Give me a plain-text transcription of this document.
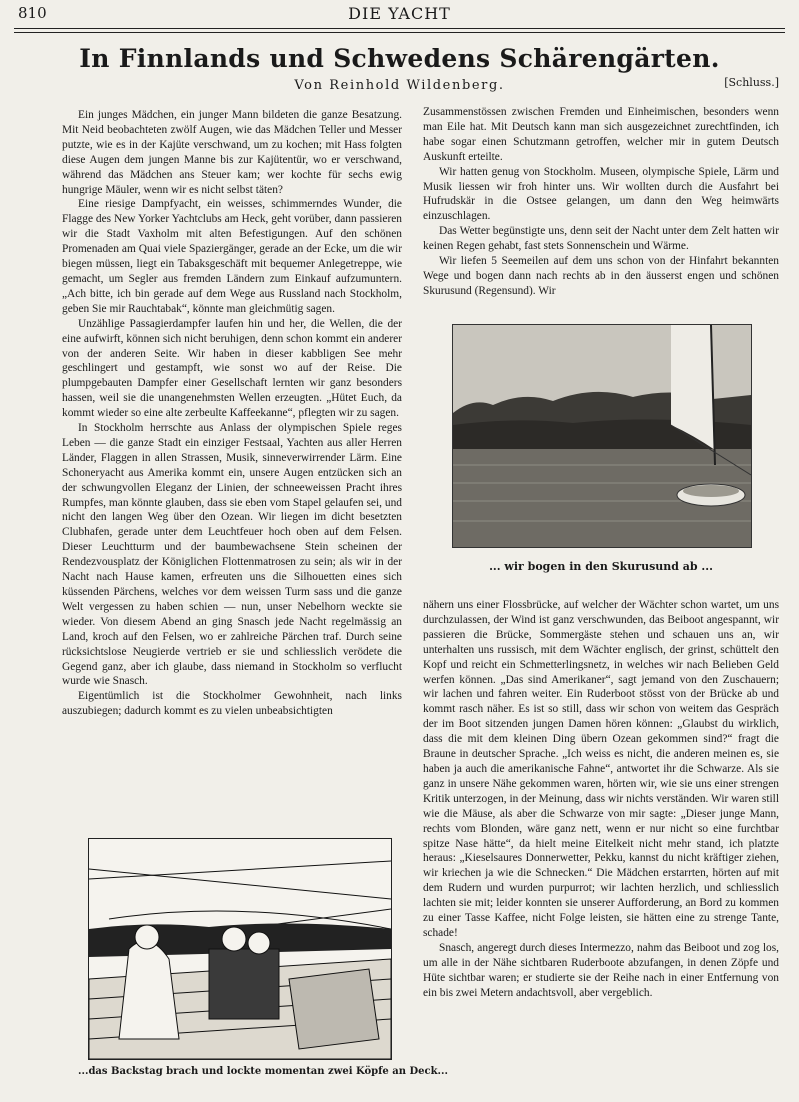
810	DIE YACHT
In Finnlands und Schwedens Schärengärten.
Von Reinhold Wildenberg.	[Schluss.]

Ein junges Mädchen, ein junger Mann bildeten die ganze Besatzung. Mit Neid beobachteten zwölf Augen, wie das Mädchen Teller und Messer putzte, wie es in der Kajüte verschwand, um zu kochen; mit Hass folgten diese Augen dem jungen Manne bis zur Kajütentür, wo er verschwand, während das Mädchen ans Steuer kam; wer kochte für sechs ewig hungrige Mäuler, wenn wir es nicht selbst täten?

Eine riesige Dampfyacht, ein weisses, schimmerndes Wunder, die Flagge des New Yorker Yachtclubs am Heck, geht vorüber, dann passieren wir die Stadt Vaxholm mit alten Befestigungen. Auf den schönen Promenaden am Quai viele Spaziergänger, gerade an der Ecke, um die wir biegen müssen, liegt ein Tabaksgeschäft mit bequemer Anlegetreppe, wie gemacht, um Segler aus fremden Ländern zum Einkauf aufzumuntern. „Ach bitte, ich bin gerade auf dem Wege aus Russland nach Stockholm, geben Sie mir Rauchtabak“, könnte man gleichmütig sagen.

Unzählige Passagierdampfer laufen hin und her, die Wellen, die der eine aufwirft, können sich nicht beruhigen, denn schon kommt ein anderer von der anderen Seite. Wir haben in dieser kabbligen See mehr geschlingert und gestampft, wie sonst wo auf der Reise. Die plumpgebauten Dampfer einer Gesellschaft lernten wir ganz besonders hassen, weil sie die unangenehmsten Wellen erzeugten. „Hütet Euch, da kommt wieder so eine alte zerbeulte Kaffeekanne“, pflegten wir zu sagen.

In Stockholm herrschte aus Anlass der olympischen Spiele reges Leben — die ganze Stadt ein einziger Festsaal, Yachten aus aller Herren Länder, Flaggen in allen Strassen, Musik, sinneverwirrender Lärm. Eine Schoneryacht aus Amerika kommt ein, unsere Augen entzücken sich an der schwungvollen Eleganz der Linien, der schneeweissen Pracht ihres Rumpfes, man könnte glauben, dass sie eben vom Stapel gelaufen sei, und nicht den langen Weg über den Ozean. Wir liegen im dicht besetzten Clubhafen, gerade unter dem Leuchtfeuer hoch oben auf dem Felsen. Dieser Leuchtturm und der baumbewachsene Stein scheinen der Rendezvousplatz der Königlichen Flottenmatrosen zu sein; als wir in der Nacht nach Hause kamen, erfreuten uns die Silhouetten eines sich küssenden Pärchens, welches vor dem weissen Turm sass und die ganze Welt vergessen zu haben schien — nun, unser Nebelhorn weckte sie wieder. Von diesem Abend an ging Snasch jede Nacht regelmässig an Land, kroch auf den Felsen, wo er zahlreiche Pärchen traf. Durch seine rücksichtslose Neugierde vertrieb er sie und schliesslich verödete die Gegend ganz, aber ich glaube, dass niemand in Stockholm so verflucht wurde wie Snasch.

Eigentümlich ist die Stockholmer Gewohnheit, nach links auszubiegen; dadurch kommt es zu vielen unbeabsichtigten

Zusammenstössen zwischen Fremden und Einheimischen, besonders wenn man Eile hat. Mit Deutsch kann man sich ausgezeichnet zurechtfinden, ich habe sogar einen Schutzmann getroffen, welcher mir in gutem Deutsch Auskunft erteilte.

Wir hatten genug von Stockholm. Museen, olympische Spiele, Lärm und Musik liessen wir froh hinter uns. Wir wollten durch die Ausfahrt bei Hufrudskär in die Ostsee gelangen, um dann den Weg heimwärts einzuschlagen.

Das Wetter begünstigte uns, denn seit der Nacht unter dem Zelt hatten wir keinen Regen gehabt, fast stets Sonnenschein und Wärme.

Wir liefen 5 Seemeilen auf dem uns schon von der Hinfahrt bekannten Wege und bogen dann nach rechts ab in den äusserst engen und schönen Skurusund (Regensund). Wir

... wir bogen in den Skurusund ab ...

nähern uns einer Flossbrücke, auf welcher der Wächter schon wartet, um uns durchzulassen, der Wind ist ganz verschwunden, das Beiboot angespannt, wir passieren die Brücke, Sommergäste stehen und schauen uns an, wir unterhalten uns russisch, mit dem Wächter englisch, der grinst, schüttelt den Kopf und reicht ein Schmetterlingsnetz, in welches wir nach Belieben Geld werfen können. „Das sind Amerikaner“, sagt jemand von den Zuschauern; wir lachen und fahren weiter. Ein Ruderboot stösst von der Brücke ab und kommt rasch näher. Es ist so still, dass wir schon von weitem das Gespräch der im Boot sitzenden jungen Damen hören können: „Glaubst du wirklich, dass die mit dem kleinen Ding übern Ozean gekommen sind?“ fragt die Braune in deutscher Sprache. „Ich weiss es nicht, die anderen meinen es, sie haben ja auch die amerikanische Fahne“, antwortet ihr die Schwarze. Als sie ganz in unsere Nähe gekommen waren, hörten wir, wie sie uns einer strengen Kritik unterzogen, in der Meinung, dass wir nichts verständen. Wir waren still wie die Mäuse, als aber die Schwarze von mir sagte: „Dieser junge Mann, rechts vom Blonden, wäre ganz nett, wenn er nur nicht so eine furchtbar spitze Nase hätte“, da hielt meine Eitelkeit nicht mehr stand, ich platzte heraus: „Kieselsaures Donnerwetter, Pekku, kannst du nicht kräftiger ziehen, wir kriechen ja wie die Schnecken.“ Die Mädchen erstarrten, hörten auf mit dem Rudern und wurden purpurrot; wir lachten herzlich, und schliesslich lachten sie mit; leider konnten sie unserer Aufforderung, an Bord zu kommen zu einer Tasse Kaffee, nicht Folge leisten, sie hätten eine zu strenge Tante, schade!

Snasch, angeregt durch dieses Intermezzo, nahm das Beiboot und zog los, um alle in der Nähe sichtbaren Ruderboote abzufangen, in denen Zöpfe und Hüte sichtbar waren; er studierte sie der Reihe nach in einer Entfernung von ein bis zwei Metern andachtsvoll, aber vergeblich.

...das Backstag brach und lockte momentan zwei Köpfe an Deck...
